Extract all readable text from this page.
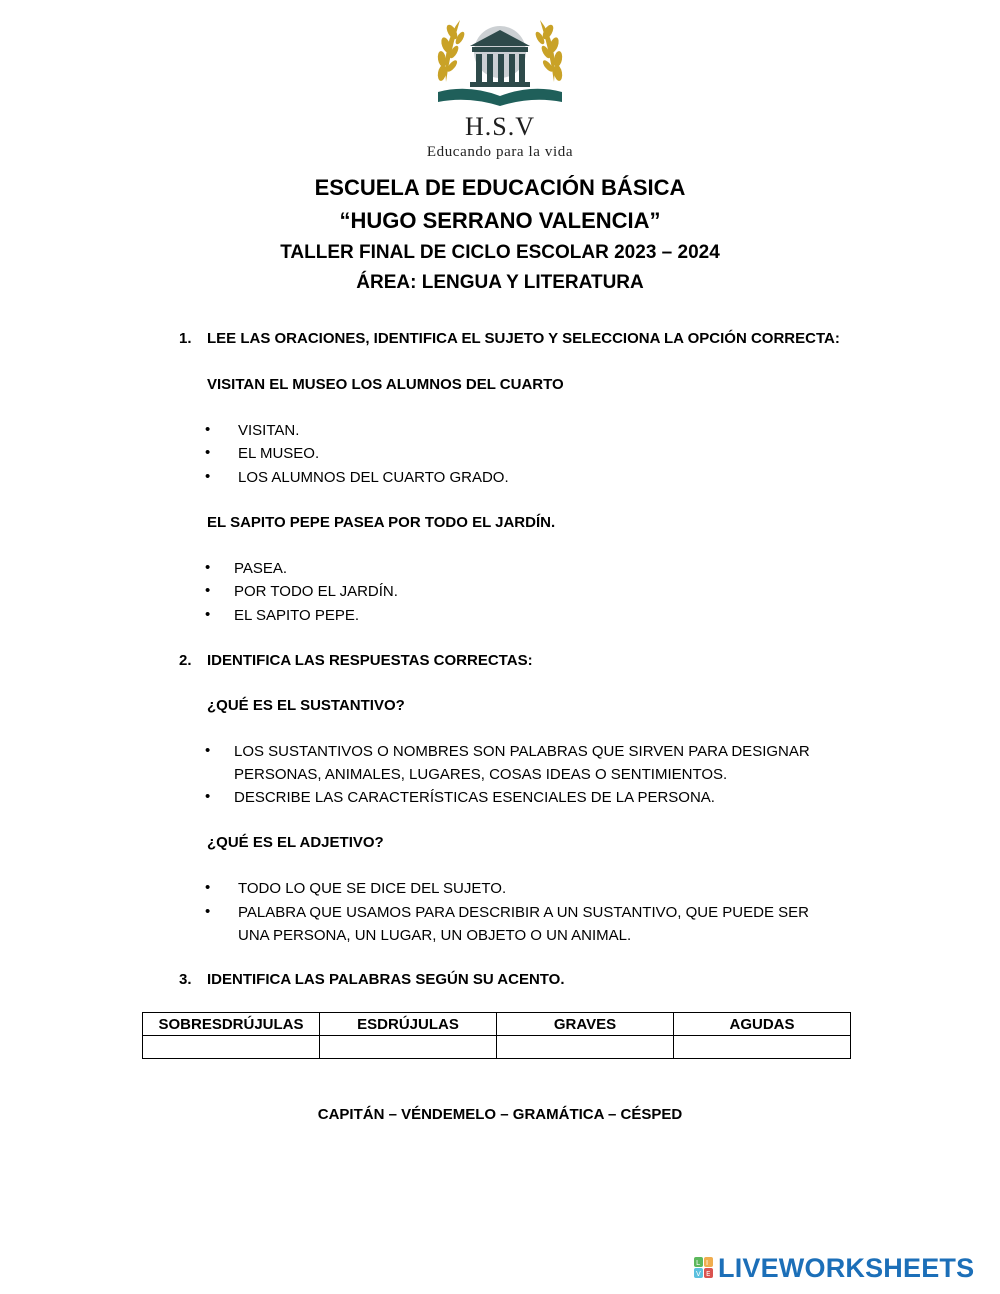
H.S.V
Educando para la vida
ESCUELA DE EDUCACIÓN BÁSICA
“HUGO SERRANO VALENCIA”
TALLER FINAL DE CICLO ESCOLAR 2023 – 2024
ÁREA: LENGUA Y LITERATURA
1. LEE LAS ORACIONES, IDENTIFICA EL SUJETO Y SELECCIONA LA OPCIÓN CORRECTA:
VISITAN EL MUSEO LOS ALUMNOS DEL CUARTO
• VISITAN.
• EL MUSEO.
• LOS ALUMNOS DEL CUARTO GRADO.
EL SAPITO PEPE PASEA POR TODO EL JARDÍN.
• PASEA.
• POR TODO EL JARDÍN.
• EL SAPITO PEPE.
2. IDENTIFICA LAS RESPUESTAS CORRECTAS:
¿QUÉ ES EL SUSTANTIVO?
• LOS SUSTANTIVOS O NOMBRES SON PALABRAS QUE SIRVEN PARA DESIGNAR
PERSONAS, ANIMALES, LUGARES, COSAS IDEAS O SENTIMIENTOS.
• DESCRIBE LAS CARACTERÍSTICAS ESENCIALES DE LA PERSONA.
¿QUÉ ES EL ADJETIVO?
• TODO LO QUE SE DICE DEL SUJETO.
• PALABRA QUE USAMOS PARA DESCRIBIR A UN SUSTANTIVO, QUE PUEDE SER
UNA PERSONA, UN LUGAR, UN OBJETO O UN ANIMAL.
3. IDENTIFICA LAS PALABRAS SEGÚN SU ACENTO.
SOBRESDRÚJULAS	ESDRÚJULAS	GRAVES	AGUDAS

CAPITÁN – VÉNDEMELO – GRAMÁTICA – CÉSPED
L I
V E LIVEWORKSHEETS
